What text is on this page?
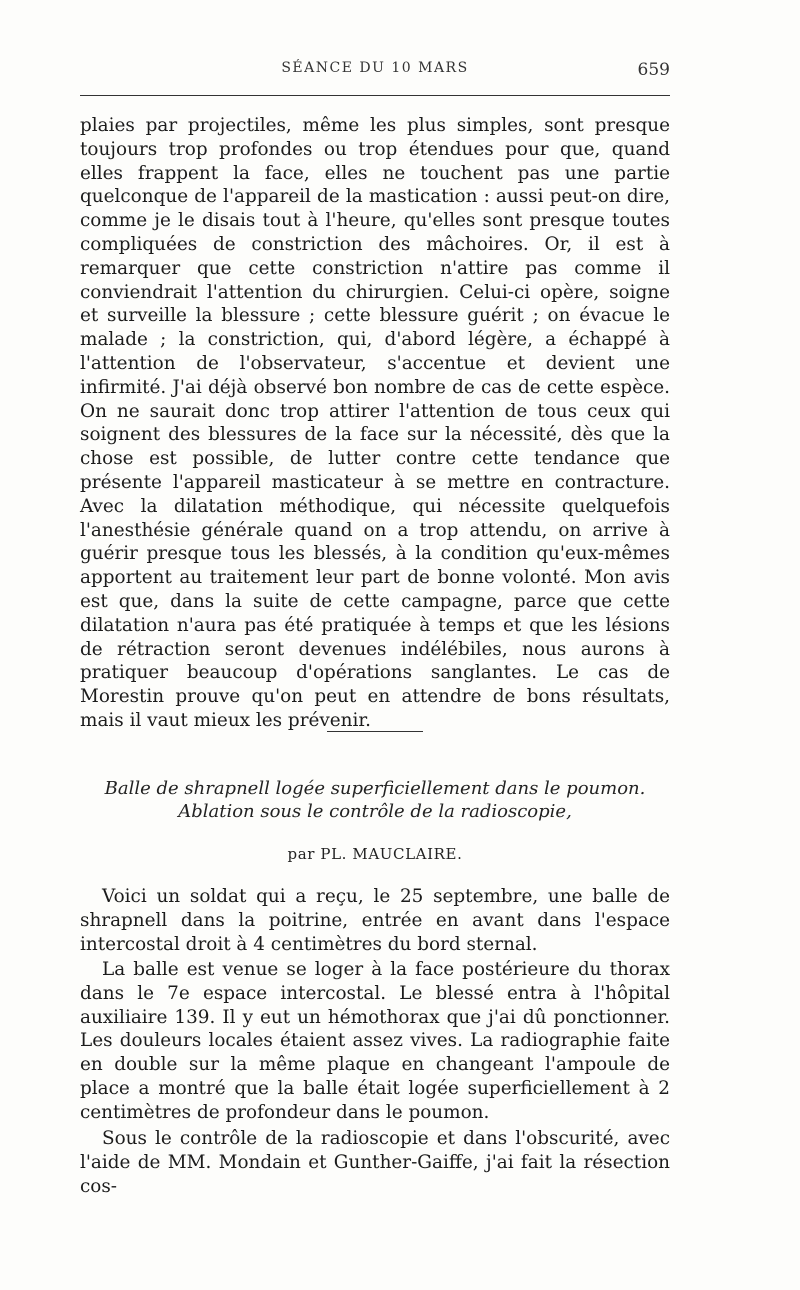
SÉANCE DU 10 MARS	659

plaies par projectiles, même les plus simples, sont presque toujours trop profondes ou trop étendues pour que, quand elles frappent la face, elles ne touchent pas une partie quelconque de l'appareil de la mastication : aussi peut-on dire, comme je le disais tout à l'heure, qu'elles sont presque toutes compliquées de constriction des mâchoires. Or, il est à remarquer que cette constriction n'attire pas comme il conviendrait l'attention du chirurgien. Celui-ci opère, soigne et surveille la blessure ; cette blessure guérit ; on évacue le malade ; la constriction, qui, d'abord légère, a échappé à l'attention de l'observateur, s'accentue et devient une infirmité. J'ai déjà observé bon nombre de cas de cette espèce. On ne saurait donc trop attirer l'attention de tous ceux qui soignent des blessures de la face sur la nécessité, dès que la chose est possible, de lutter contre cette tendance que présente l'appareil masticateur à se mettre en contracture. Avec la dilatation méthodique, qui nécessite quelquefois l'anesthésie générale quand on a trop attendu, on arrive à guérir presque tous les blessés, à la condition qu'eux-mêmes apportent au traitement leur part de bonne volonté. Mon avis est que, dans la suite de cette campagne, parce que cette dilatation n'aura pas été pratiquée à temps et que les lésions de rétraction seront devenues indélébiles, nous aurons à pratiquer beaucoup d'opérations sanglantes. Le cas de Morestin prouve qu'on peut en attendre de bons résultats, mais il vaut mieux les prévenir.

Balle de shrapnell logée superficiellement dans le poumon.
Ablation sous le contrôle de la radioscopie,
par PL. MAUCLAIRE.

Voici un soldat qui a reçu, le 25 septembre, une balle de shrapnell dans la poitrine, entrée en avant dans l'espace intercostal droit à 4 centimètres du bord sternal.

La balle est venue se loger à la face postérieure du thorax dans le 7e espace intercostal. Le blessé entra à l'hôpital auxiliaire 139. Il y eut un hémothorax que j'ai dû ponctionner. Les douleurs locales étaient assez vives. La radiographie faite en double sur la même plaque en changeant l'ampoule de place a montré que la balle était logée superficiellement à 2 centimètres de profondeur dans le poumon.

Sous le contrôle de la radioscopie et dans l'obscurité, avec l'aide de MM. Mondain et Gunther-Gaiffe, j'ai fait la résection cos-
